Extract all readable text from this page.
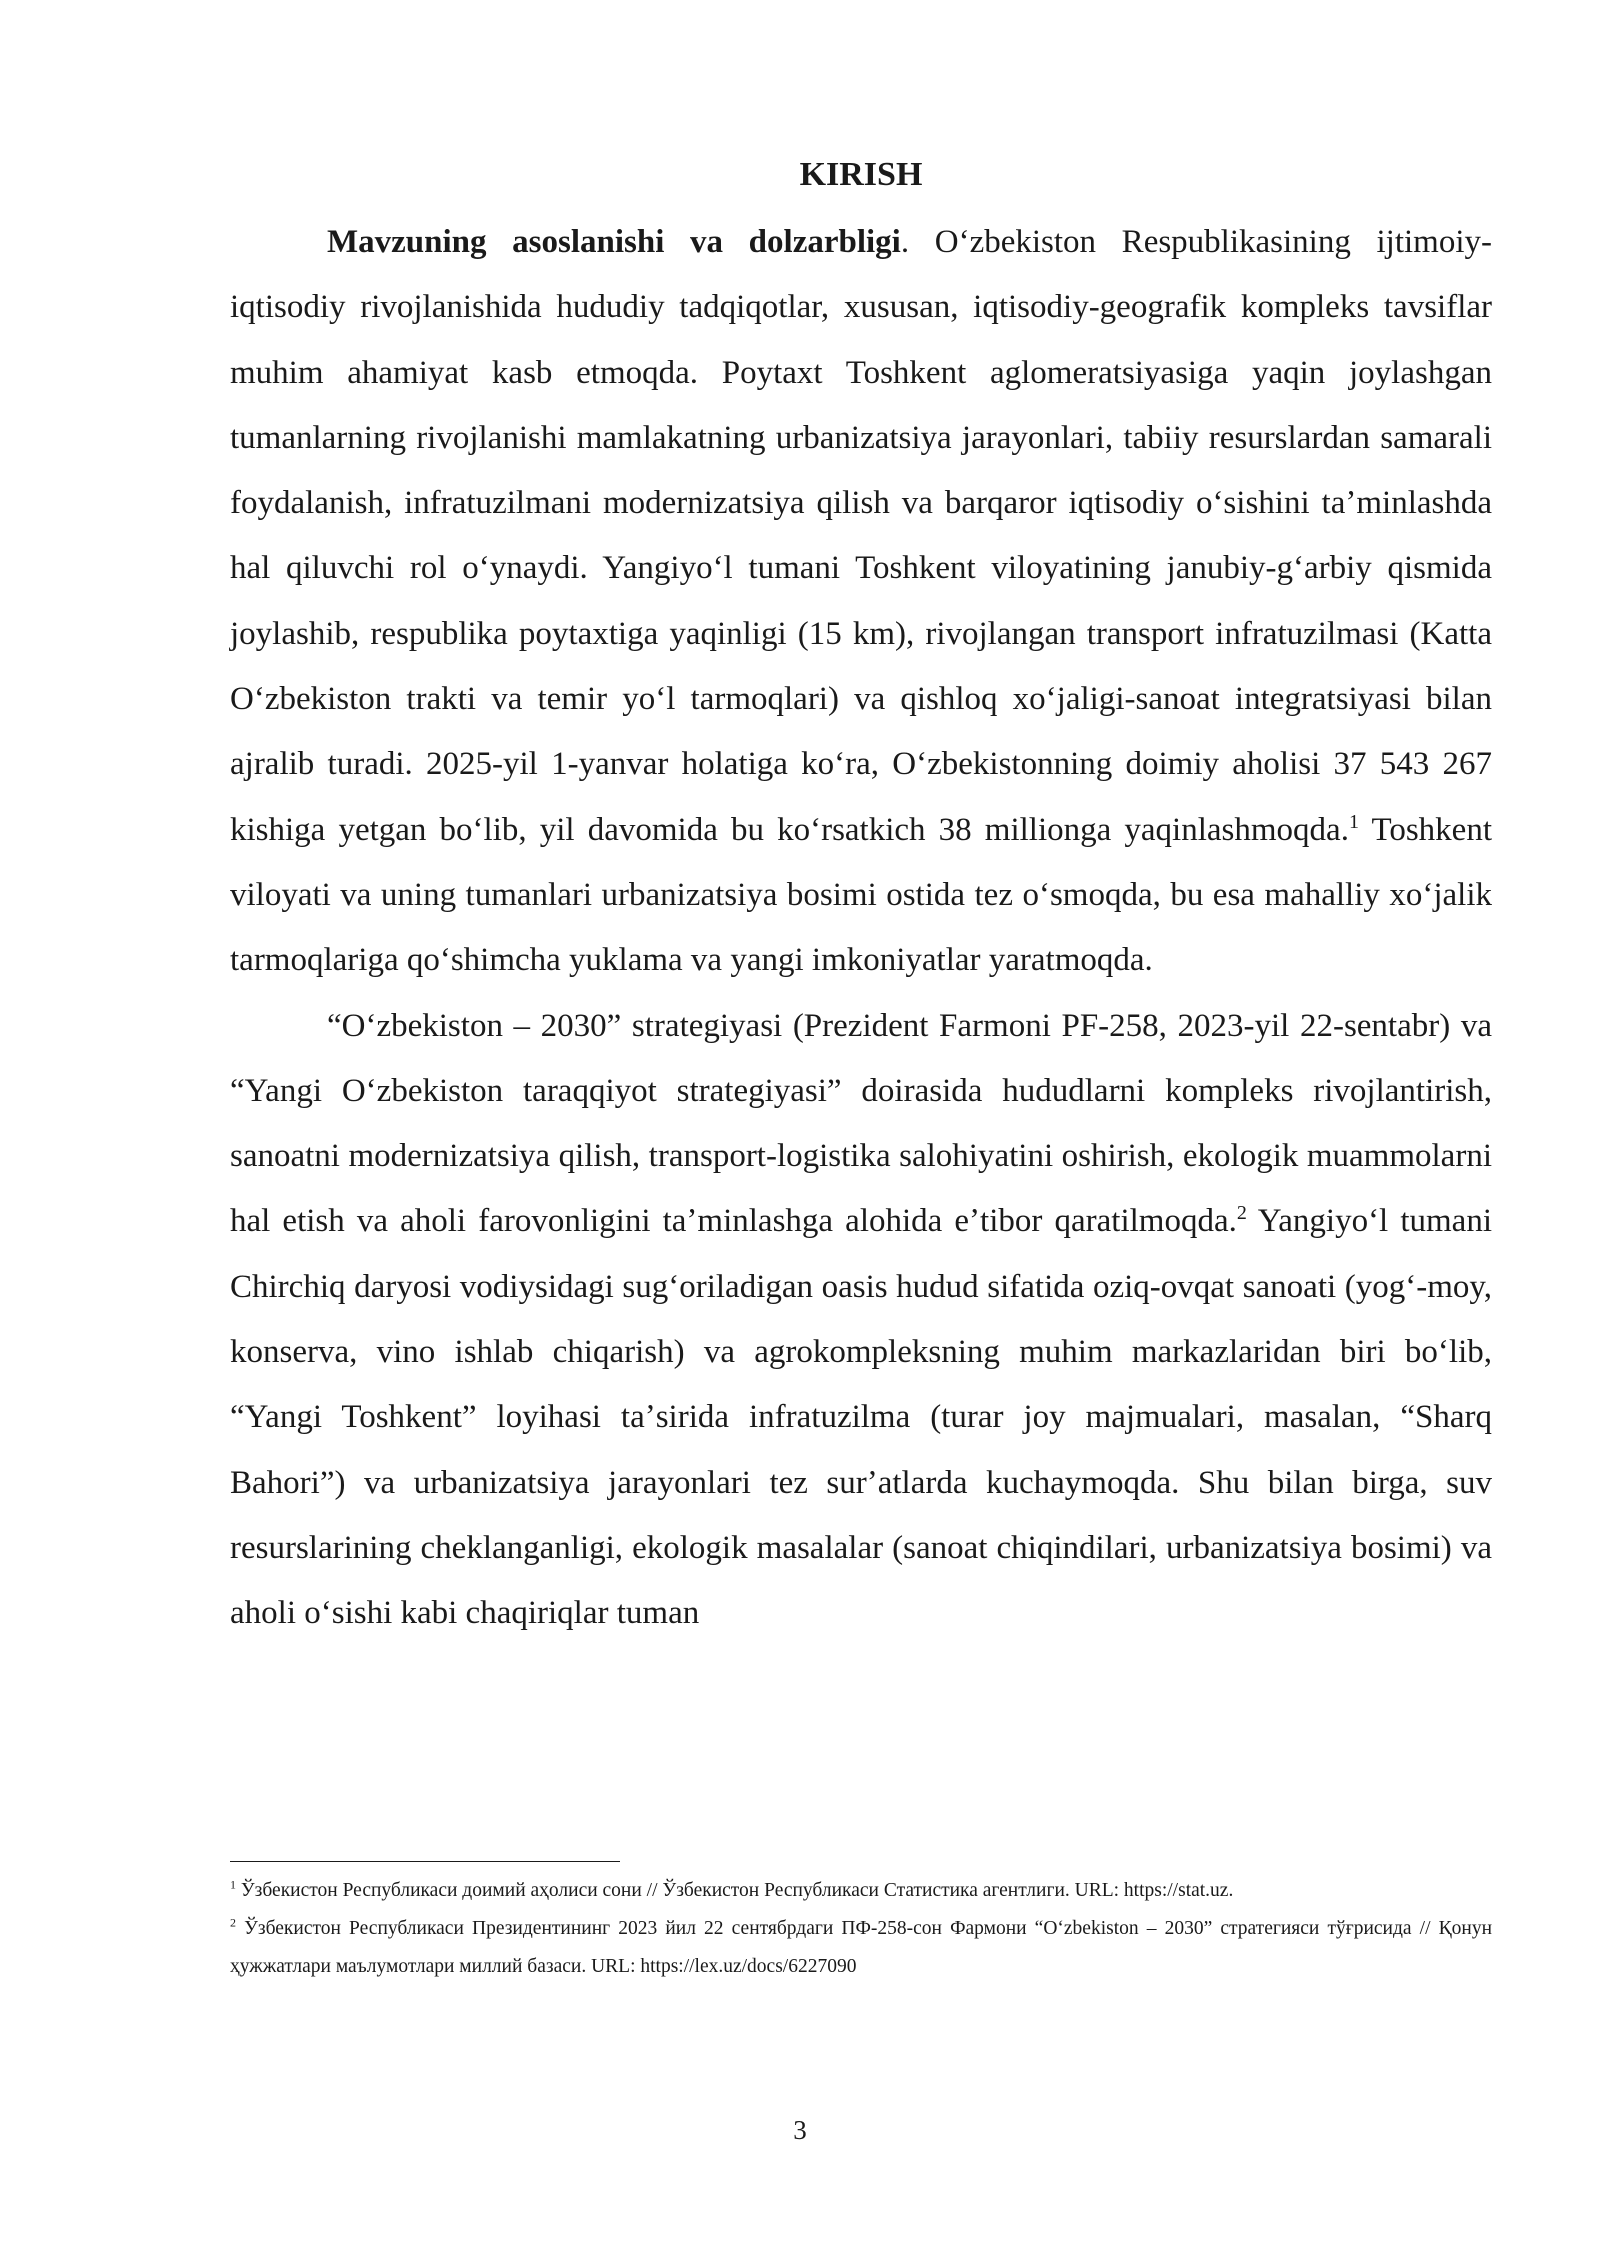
KIRISH

Mavzuning asoslanishi va dolzarbligi. Oʻzbekiston Respublikasining ijtimoiy-iqtisodiy rivojlanishida hududiy tadqiqotlar, xususan, iqtisodiy-geografik kompleks tavsiflar muhim ahamiyat kasb etmoqda. Poytaxt Toshkent aglomeratsiyasiga yaqin joylashgan tumanlarning rivojlanishi mamlakatning urbanizatsiya jarayonlari, tabiiy resurslardan samarali foydalanish, infratuzilmani modernizatsiya qilish va barqaror iqtisodiy oʻsishini taʼminlashda hal qiluvchi rol oʻynaydi. Yangiyoʻl tumani Toshkent viloyatining janubiy-gʻarbiy qismida joylashib, respublika poytaxtiga yaqinligi (15 km), rivojlangan transport infratuzilmasi (Katta Oʻzbekiston trakti va temir yoʻl tarmoqlari) va qishloq xoʻjaligi-sanoat integratsiyasi bilan ajralib turadi. 2025-yil 1-yanvar holatiga koʻra, Oʻzbekistonning doimiy aholisi 37 543 267 kishiga yetgan boʻlib, yil davomida bu koʻrsatkich 38 millionga yaqinlashmoqda.$^1$ Toshkent viloyati va uning tumanlari urbanizatsiya bosimi ostida tez oʻsmoqda, bu esa mahalliy xoʻjalik tarmoqlariga qoʻshimcha yuklama va yangi imkoniyatlar yaratmoqda.

“Oʻzbekiston – 2030” strategiyasi (Prezident Farmoni PF-258, 2023-yil 22-sentabr) va “Yangi Oʻzbekiston taraqqiyot strategiyasi” doirasida hududlarni kompleks rivojlantirish, sanoatni modernizatsiya qilish, transport-logistika salohiyatini oshirish, ekologik muammolarni hal etish va aholi farovonligini taʼminlashga alohida eʼtibor qaratilmoqda.$^2$ Yangiyoʻl tumani Chirchiq daryosi vodiysidagi sugʻoriladigan oasis hudud sifatida oziq-ovqat sanoati (yogʻ-moy, konserva, vino ishlab chiqarish) va agrokompleksning muhim markazlaridan biri boʻlib, “Yangi Toshkent” loyihasi taʼsirida infratuzilma (turar joy majmualari, masalan, “Sharq Bahori”) va urbanizatsiya jarayonlari tez surʼatlarda kuchaymoqda. Shu bilan birga, suv resurslarining cheklanganligi, ekologik masalalar (sanoat chiqindilari, urbanizatsiya bosimi) va aholi oʻsishi kabi chaqiriqlar tuman

$^1$ Ўзбекистон Республикаси доимий аҳолиси сони // Ўзбекистон Республикаси Статистика агентлиги. URL: https://stat.uz.

$^2$ Ўзбекистон Республикаси Президентининг 2023 йил 22 сентябрдаги ПФ-258-сон Фармони “Oʻzbekiston – 2030” стратегияси тўғрисида // Қонун ҳужжатлари маълумотлари миллий базаси. URL: https://lex.uz/docs/6227090

3
